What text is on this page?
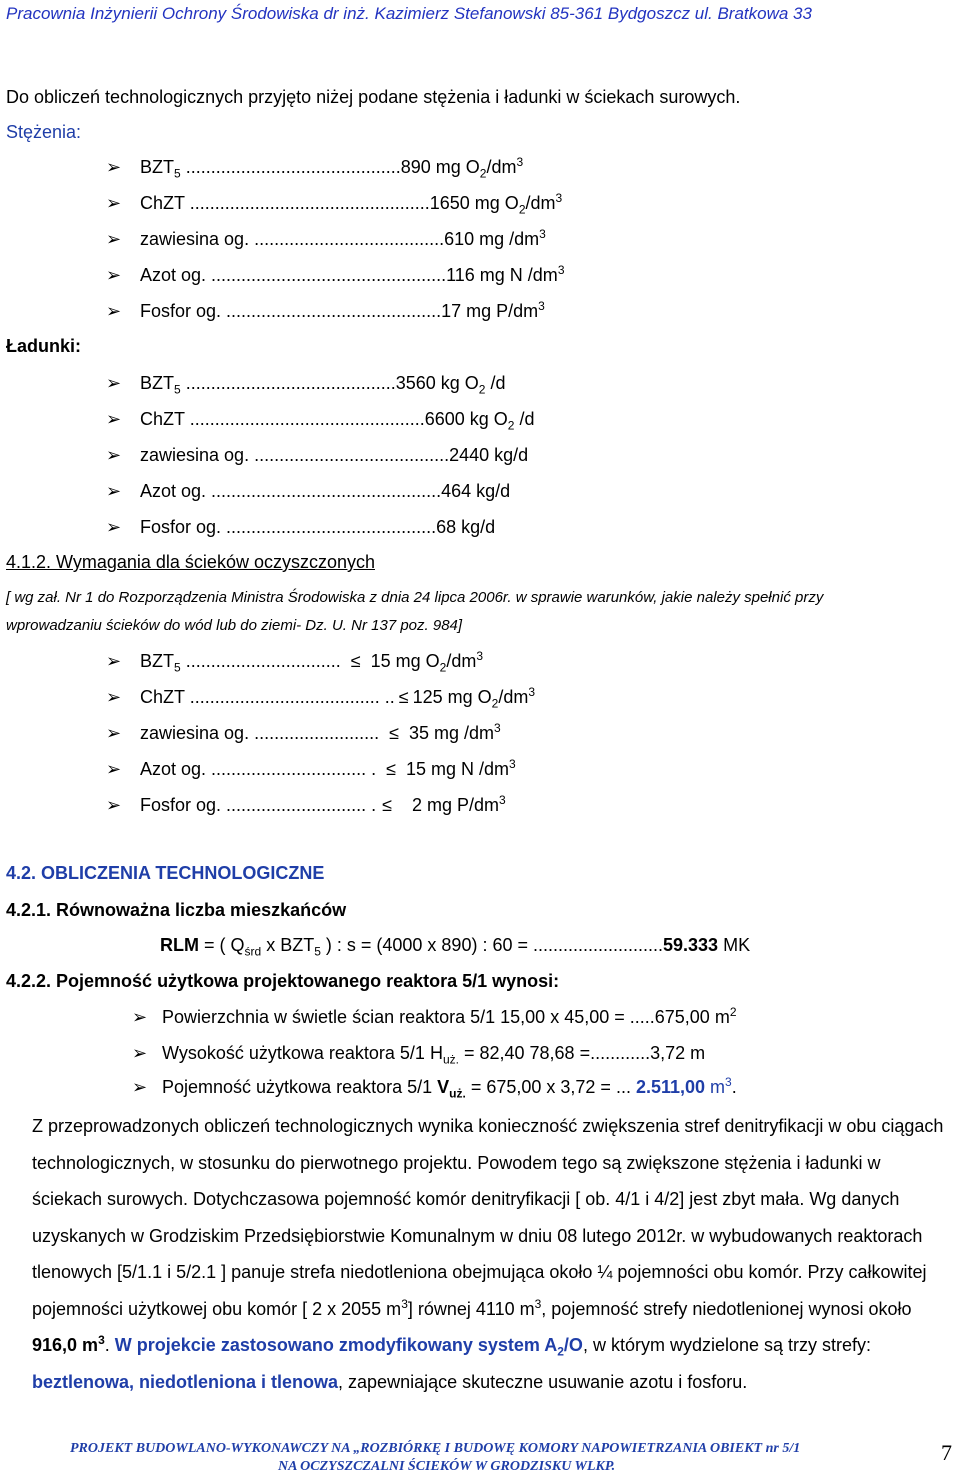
Pracownia Inżynierii Ochrony Środowiska dr inż. Kazimierz Stefanowski 85-361 Bydgoszcz ul. Bratkowa 33
Do obliczeń technologicznych przyjęto niżej podane stężenia i ładunki w ściekach surowych.
Stężenia:
➢ $BZT_5$ ...........................................890 mg $O_2/dm^3$
➢ ChZT ................................................1650 mg $O_2/dm^3$
➢ zawiesina og. ......................................610 mg $/dm^3$
➢ Azot og. ...............................................116 mg N $/dm^3$
➢ Fosfor og. ...........................................17 mg $P/dm^3$
Ładunki:
➢ $BZT_5$ ..........................................3560 kg $O_2$ /d
➢ ChZT ...............................................6600 kg $O_2$ /d
➢ zawiesina og. .......................................2440 kg/d
➢ Azot og. ..............................................464 kg/d
➢ Fosfor og. ..........................................68 kg/d
4.1.2. Wymagania dla ścieków oczyszczonych
[ wg zał. Nr 1 do Rozporządzenia Ministra Środowiska z dnia 24 lipca 2006r. w sprawie warunków, jakie należy spełnić przy
wprowadzaniu ścieków do wód lub do ziemi- Dz. U. Nr 137 poz. 984]
➢ $BZT_5$ ............................... ≤ 15 mg $O_2/dm^3$
➢ ChZT ...................................... .. ≤ 125 mg $O_2/dm^3$
➢ zawiesina og. ......................... ≤ 35 mg $/dm^3$
➢ Azot og. ............................... . ≤ 15 mg N $/dm^3$
➢ Fosfor og. ............................ . ≤ 2 mg $P/dm^3$
4.2. OBLICZENIA TECHNOLOGICZNE
4.2.1. Równoważna liczba mieszkańców
RLM = ( $Q_{śrd}$ x $BZT_5$ ) : s = (4000 x 890) : 60 = ..........................59.333 MK
4.2.2. Pojemność użytkowa projektowanego reaktora 5/1 wynosi:
➢ Powierzchnia w świetle ścian reaktora 5/1 15,00 x 45,00 = .....675,00 $m^2$
➢ Wysokość użytkowa reaktora 5/1 $H_{uż.} = 82,40$ 78,68 =............3,72 m
➢ Pojemność użytkowa reaktora 5/1 $V_{uż.} = 675,00$ x 3,72 = ... 2.511,00 $m^3$.

Z przeprowadzonych obliczeń technologicznych wynika konieczność zwiększenia stref denitryfikacji w obu ciągach technologicznych, w stosunku do pierwotnego projektu. Powodem tego są zwiększone stężenia i ładunki w ściekach surowych. Dotychczasowa pojemność komór denitryfikacji [ ob. 4/1 i 4/2] jest zbyt mała. Wg danych uzyskanych w Grodziskim Przedsiębiorstwie Komunalnym w dniu 08 lutego 2012r. w wybudowanych reaktorach tlenowych [5/1.1 i 5/2.1 ] panuje strefa niedotleniona obejmująca około ¼ pojemności obu komór. Przy całkowitej pojemności użytkowej obu komór [ 2 x 2055 $m^3$] równej 4110 $m^3$, pojemność strefy niedotlenionej wynosi około 916,0 $m^3$. W projekcie zastosowano zmodyfikowany system $A_2/O$, w którym wydzielone są trzy strefy: beztlenowa, niedotleniona i tlenowa, zapewniające skuteczne usuwanie azotu i fosforu.

PROJEKT BUDOWLANO-WYKONAWCZY NA „ROZBIÓRKĘ I BUDOWĘ KOMORY NAPOWIETRZANIA OBIEKT nr 5/1
NA OCZYSZCZALNI ŚCIEKÓW W GRODZISKU WLKP.
7
